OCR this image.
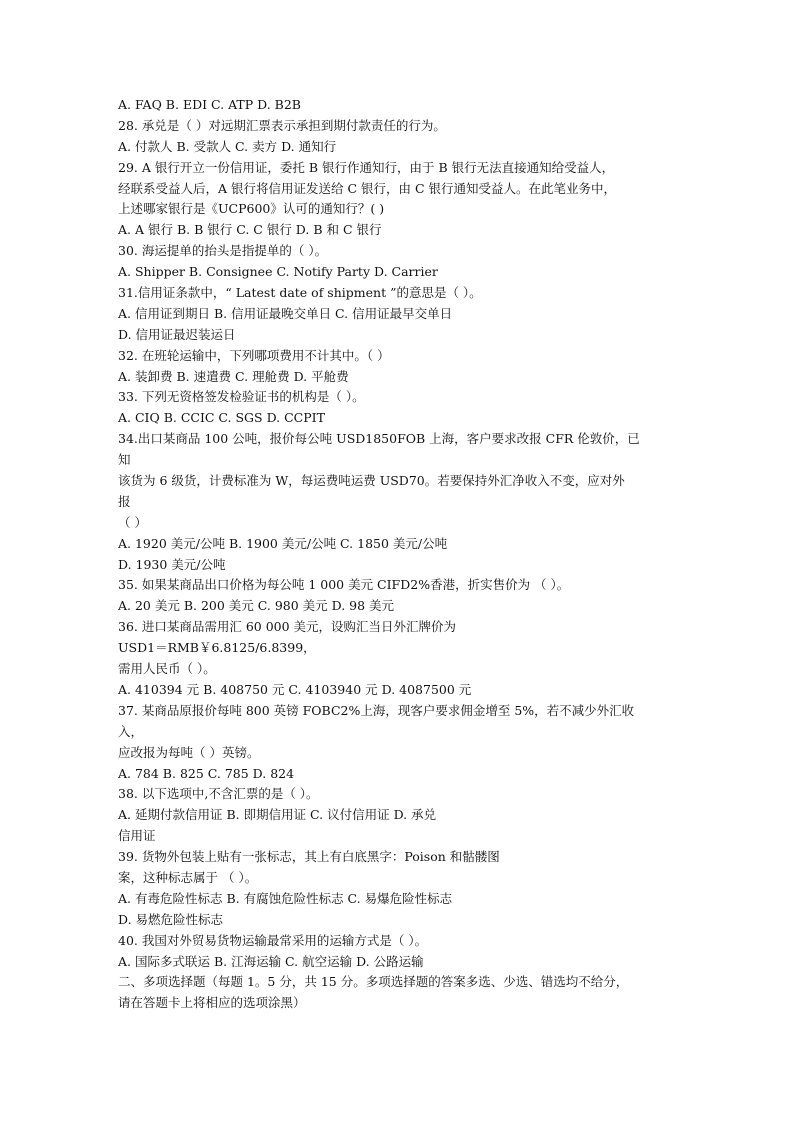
A. FAQ B. EDI C. ATP D. B2B
28. 承兑是（ ）对远期汇票表示承担到期付款责任的行为。
A. 付款人 B. 受款人 C. 卖方 D. 通知行
29. A 银行开立一份信用证，委托 B 银行作通知行，由于 B 银行无法直接通知给受益人，
经联系受益人后，A 银行将信用证发送给 C 银行，由 C 银行通知受益人。在此笔业务中，
上述哪家银行是《UCP600》认可的通知行？( )
A. A 银行 B. B 银行 C. C 银行 D. B 和 C 银行
30. 海运提单的抬头是指提单的（ ）。
A. Shipper B. Consignee C. Notify Party D. Carrier
31.信用证条款中，“ Latest date of shipment ”的意思是（ ）。
A. 信用证到期日 B. 信用证最晚交单日 C. 信用证最早交单日
D. 信用证最迟装运日
32. 在班轮运输中，下列哪项费用不计其中。（ ）
A. 装卸费 B. 速遣费 C. 理舱费 D. 平舱费
33. 下列无资格签发检验证书的机构是（ ）。
A. CIQ B. CCIC C. SGS D. CCPIT
34.出口某商品 100 公吨，报价每公吨 USD1850FOB 上海，客户要求改报 CFR 伦敦价，已
知
该货为 6 级货，计费标准为 W，每运费吨运费 USD70。若要保持外汇净收入不变，应对外
报
（ ）
A. 1920 美元/公吨 B. 1900 美元/公吨 C. 1850 美元/公吨
D. 1930 美元/公吨
35. 如果某商品出口价格为每公吨 1 000 美元 CIFD2%香港，折实售价为 （ ）。
A. 20 美元 B. 200 美元 C. 980 美元 D. 98 美元
36. 进口某商品需用汇 60 000 美元，设购汇当日外汇牌价为
USD1＝RMB￥6.8125/6.8399，
需用人民币（ ）。
A. 410394 元 B. 408750 元 C. 4103940 元 D. 4087500 元
37. 某商品原报价每吨 800 英镑 FOBC2%上海，现客户要求佣金增至 5%，若不减少外汇收
入，
应改报为每吨（ ）英镑。
A. 784 B. 825 C. 785 D. 824
38. 以下选项中,不含汇票的是（ ）。
A. 延期付款信用证 B. 即期信用证 C. 议付信用证 D. 承兑
信用证
39. 货物外包装上贴有一张标志，其上有白底黑字：Poison 和骷髅图
案，这种标志属于 （ ）。
A. 有毒危险性标志 B. 有腐蚀危险性标志 C. 易爆危险性标志
D. 易燃危险性标志
40. 我国对外贸易货物运输最常采用的运输方式是（ ）。
A. 国际多式联运 B. 江海运输 C. 航空运输 D. 公路运输
二、多项选择题（每题 1。5 分，共 15 分。多项选择题的答案多选、少选、错选均不给分，
请在答题卡上将相应的选项涂黑）
